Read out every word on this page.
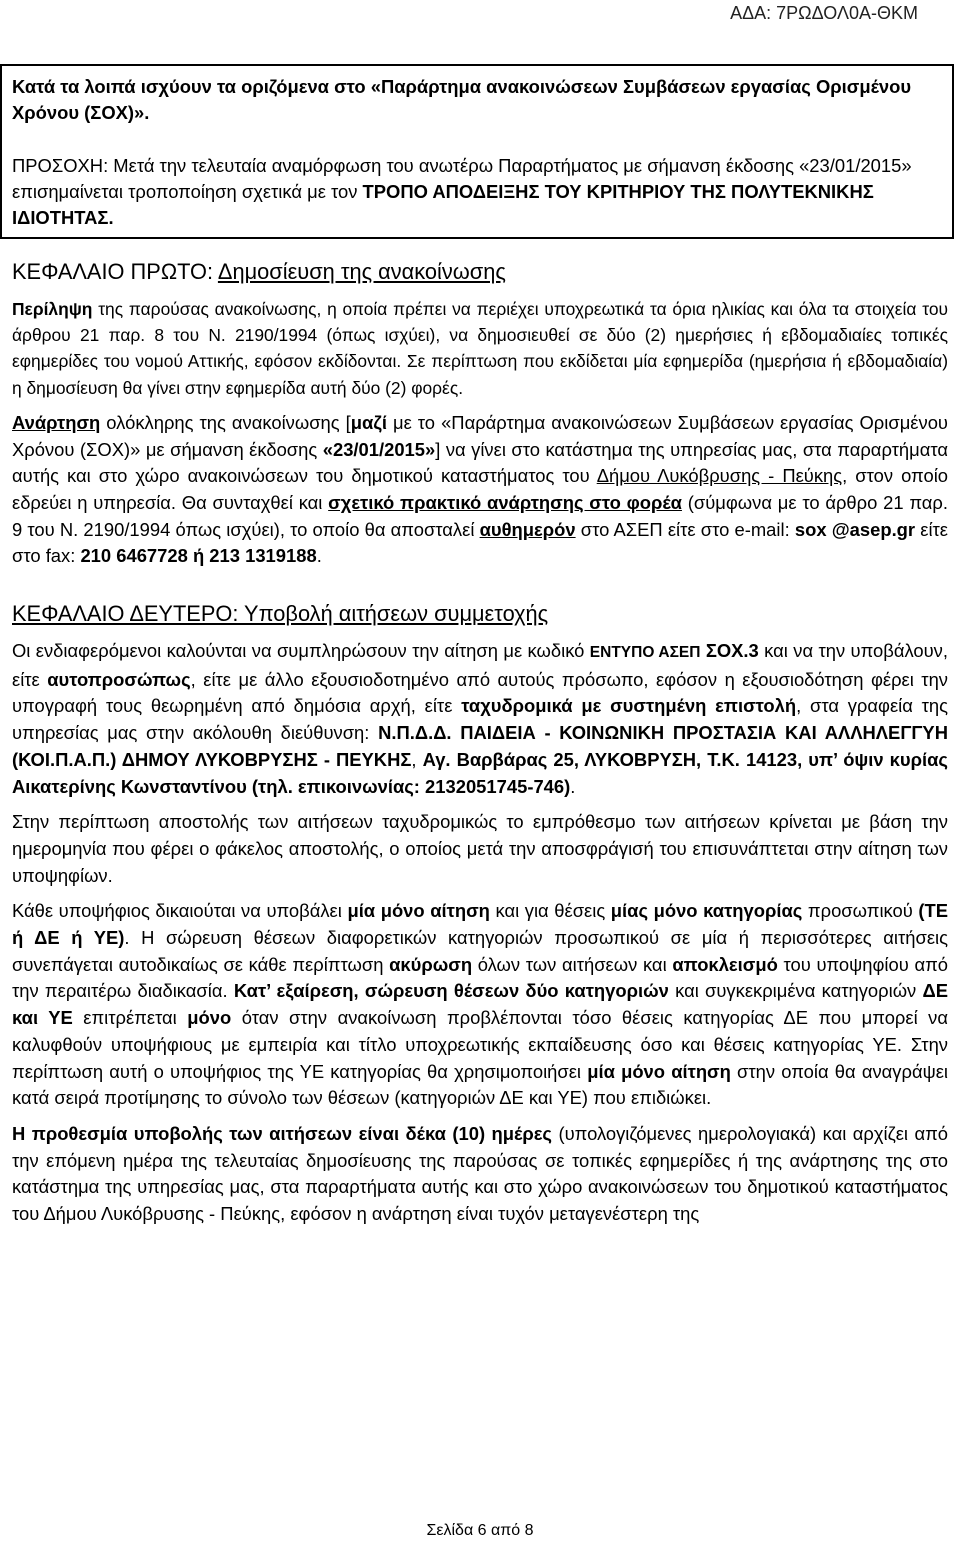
ΑΔΑ: 7ΡΩΔΟΛ0Α-ΘΚΜ

Κατά τα λοιπά ισχύουν τα οριζόμενα στο «Παράρτημα ανακοινώσεων Συμβάσεων εργασίας Ορισμένου Χρόνου (ΣΟΧ)».

ΠΡΟΣΟΧΗ: Μετά την τελευταία αναμόρφωση του ανωτέρω Παραρτήματος με σήμανση έκδοσης «23/01/2015» επισημαίνεται τροποποίηση σχετικά με τον ΤΡΟΠΟ ΑΠΟΔΕΙΞΗΣ ΤΟΥ ΚΡΙΤΗΡΙΟΥ ΤΗΣ ΠΟΛΥΤΕΚΝΙΚΗΣ ΙΔΙΟΤΗΤΑΣ.

ΚΕΦΑΛΑΙΟ ΠΡΩΤΟ: Δημοσίευση της ανακοίνωσης

Περίληψη της παρούσας ανακοίνωσης, η οποία πρέπει να περιέχει υποχρεωτικά τα όρια ηλικίας και όλα τα στοιχεία του άρθρου 21 παρ. 8 του Ν. 2190/1994 (όπως ισχύει), να δημοσιευθεί σε δύο (2) ημερήσιες ή εβδομαδιαίες τοπικές εφημερίδες του νομού Αττικής, εφόσον εκδίδονται. Σε περίπτωση που εκδίδεται μία εφημερίδα (ημερήσια ή εβδομαδιαία) η δημοσίευση θα γίνει στην εφημερίδα αυτή δύο (2) φορές.

Ανάρτηση ολόκληρης της ανακοίνωσης [μαζί με το «Παράρτημα ανακοινώσεων Συμβάσεων εργασίας Ορισμένου Χρόνου (ΣΟΧ)» με σήμανση έκδοσης «23/01/2015»] να γίνει στο κατάστημα της υπηρεσίας μας, στα παραρτήματα αυτής και στο χώρο ανακοινώσεων του δημοτικού καταστήματος του Δήμου Λυκόβρυσης - Πεύκης, στον οποίο εδρεύει η υπηρεσία. Θα συνταχθεί και σχετικό πρακτικό ανάρτησης στο φορέα (σύμφωνα με το άρθρο 21 παρ. 9 του Ν. 2190/1994 όπως ισχύει), το οποίο θα αποσταλεί αυθημερόν στο ΑΣΕΠ είτε στο e-mail: sox @asep.gr είτε στο fax: 210 6467728 ή 213 1319188.

ΚΕΦΑΛΑΙΟ ΔΕΥΤΕΡΟ: Υποβολή αιτήσεων συμμετοχής

Οι ενδιαφερόμενοι καλούνται να συμπληρώσουν την αίτηση με κωδικό ΕΝΤΥΠΟ ΑΣΕΠ ΣΟΧ.3 και να την υποβάλουν, είτε αυτοπροσώπως, είτε με άλλο εξουσιοδοτημένο από αυτούς πρόσωπο, εφόσον η εξουσιοδότηση φέρει την υπογραφή τους θεωρημένη από δημόσια αρχή, είτε ταχυδρομικά με συστημένη επιστολή, στα γραφεία της υπηρεσίας μας στην ακόλουθη διεύθυνση: Ν.Π.Δ.Δ. ΠΑΙΔΕΙΑ - ΚΟΙΝΩΝΙΚΗ ΠΡΟΣΤΑΣΙΑ ΚΑΙ ΑΛΛΗΛΕΓΓΥΗ (ΚΟΙ.Π.Α.Π.) ΔΗΜΟΥ ΛΥΚΟΒΡΥΣΗΣ - ΠΕΥΚΗΣ, Αγ. Βαρβάρας 25, ΛΥΚΟΒΡΥΣΗ, Τ.Κ. 14123, υπ’ όψιν κυρίας Αικατερίνης Κωνσταντίνου (τηλ. επικοινωνίας: 2132051745-746).

Στην περίπτωση αποστολής των αιτήσεων ταχυδρομικώς το εμπρόθεσμο των αιτήσεων κρίνεται με βάση την ημερομηνία που φέρει ο φάκελος αποστολής, ο οποίος μετά την αποσφράγισή του επισυνάπτεται στην αίτηση των υποψηφίων.

Κάθε υποψήφιος δικαιούται να υποβάλει μία μόνο αίτηση και για θέσεις μίας μόνο κατηγορίας προσωπικού (ΤΕ ή ΔΕ ή ΥΕ). Η σώρευση θέσεων διαφορετικών κατηγοριών προσωπικού σε μία ή περισσότερες αιτήσεις συνεπάγεται αυτοδικαίως σε κάθε περίπτωση ακύρωση όλων των αιτήσεων και αποκλεισμό του υποψηφίου από την περαιτέρω διαδικασία. Κατ’ εξαίρεση, σώρευση θέσεων δύο κατηγοριών και συγκεκριμένα κατηγοριών ΔΕ και ΥΕ επιτρέπεται μόνο όταν στην ανακοίνωση προβλέπονται τόσο θέσεις κατηγορίας ΔΕ που μπορεί να καλυφθούν υποψήφιους με εμπειρία και τίτλο υποχρεωτικής εκπαίδευσης όσο και θέσεις κατηγορίας ΥΕ. Στην περίπτωση αυτή ο υποψήφιος της ΥΕ κατηγορίας θα χρησιμοποιήσει μία μόνο αίτηση στην οποία θα αναγράψει κατά σειρά προτίμησης το σύνολο των θέσεων (κατηγοριών ΔΕ και ΥΕ) που επιδιώκει.

Η προθεσμία υποβολής των αιτήσεων είναι δέκα (10) ημέρες (υπολογιζόμενες ημερολογιακά) και αρχίζει από την επόμενη ημέρα της τελευταίας δημοσίευσης της παρούσας σε τοπικές εφημερίδες ή της ανάρτησης της στο κατάστημα της υπηρεσίας μας, στα παραρτήματα αυτής και στο χώρο ανακοινώσεων του δημοτικού καταστήματος του Δήμου Λυκόβρυσης - Πεύκης, εφόσον η ανάρτηση είναι τυχόν μεταγενέστερη της

Σελίδα 6 από 8
